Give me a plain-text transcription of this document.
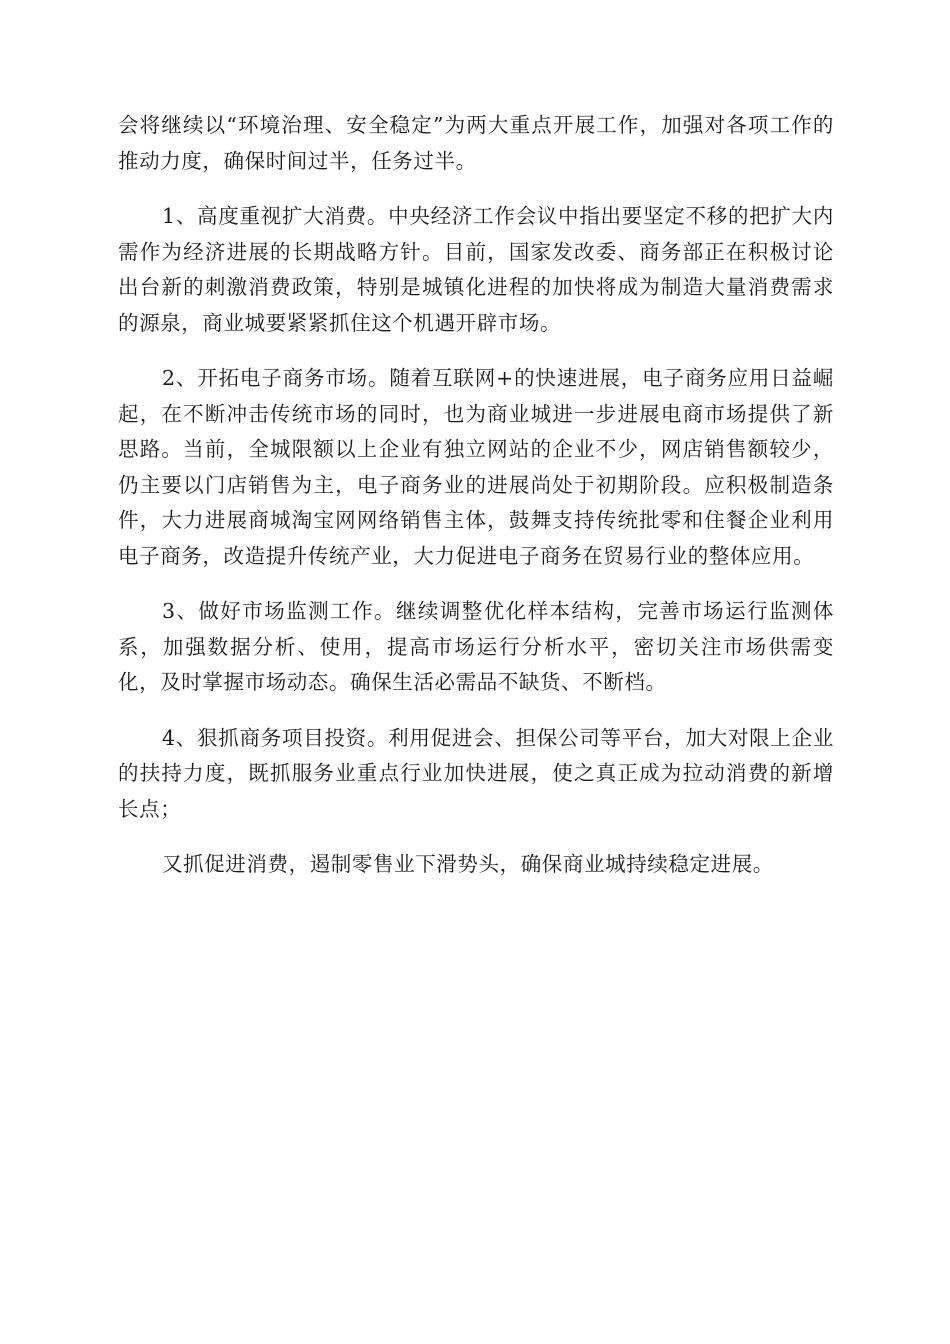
会将继续以“环境治理、安全稳定”为两大重点开展工作，加强对各项工作的推动力度，确保时间过半，任务过半。

1、高度重视扩大消费。中央经济工作会议中指出要坚定不移的把扩大内需作为经济进展的长期战略方针。目前，国家发改委、商务部正在积极讨论出台新的刺激消费政策，特别是城镇化进程的加快将成为制造大量消费需求的源泉，商业城要紧紧抓住这个机遇开辟市场。

2、开拓电子商务市场。随着互联网+的快速进展，电子商务应用日益崛起，在不断冲击传统市场的同时，也为商业城进一步进展电商市场提供了新思路。当前，全城限额以上企业有独立网站的企业不少，网店销售额较少，仍主要以门店销售为主，电子商务业的进展尚处于初期阶段。应积极制造条件，大力进展商城淘宝网网络销售主体，鼓舞支持传统批零和住餐企业利用电子商务，改造提升传统产业，大力促进电子商务在贸易行业的整体应用。

3、做好市场监测工作。继续调整优化样本结构，完善市场运行监测体系，加强数据分析、使用，提高市场运行分析水平，密切关注市场供需变化，及时掌握市场动态。确保生活必需品不缺货、不断档。

4、狠抓商务项目投资。利用促进会、担保公司等平台，加大对限上企业的扶持力度，既抓服务业重点行业加快进展，使之真正成为拉动消费的新增长点；

又抓促进消费，遏制零售业下滑势头，确保商业城持续稳定进展。
